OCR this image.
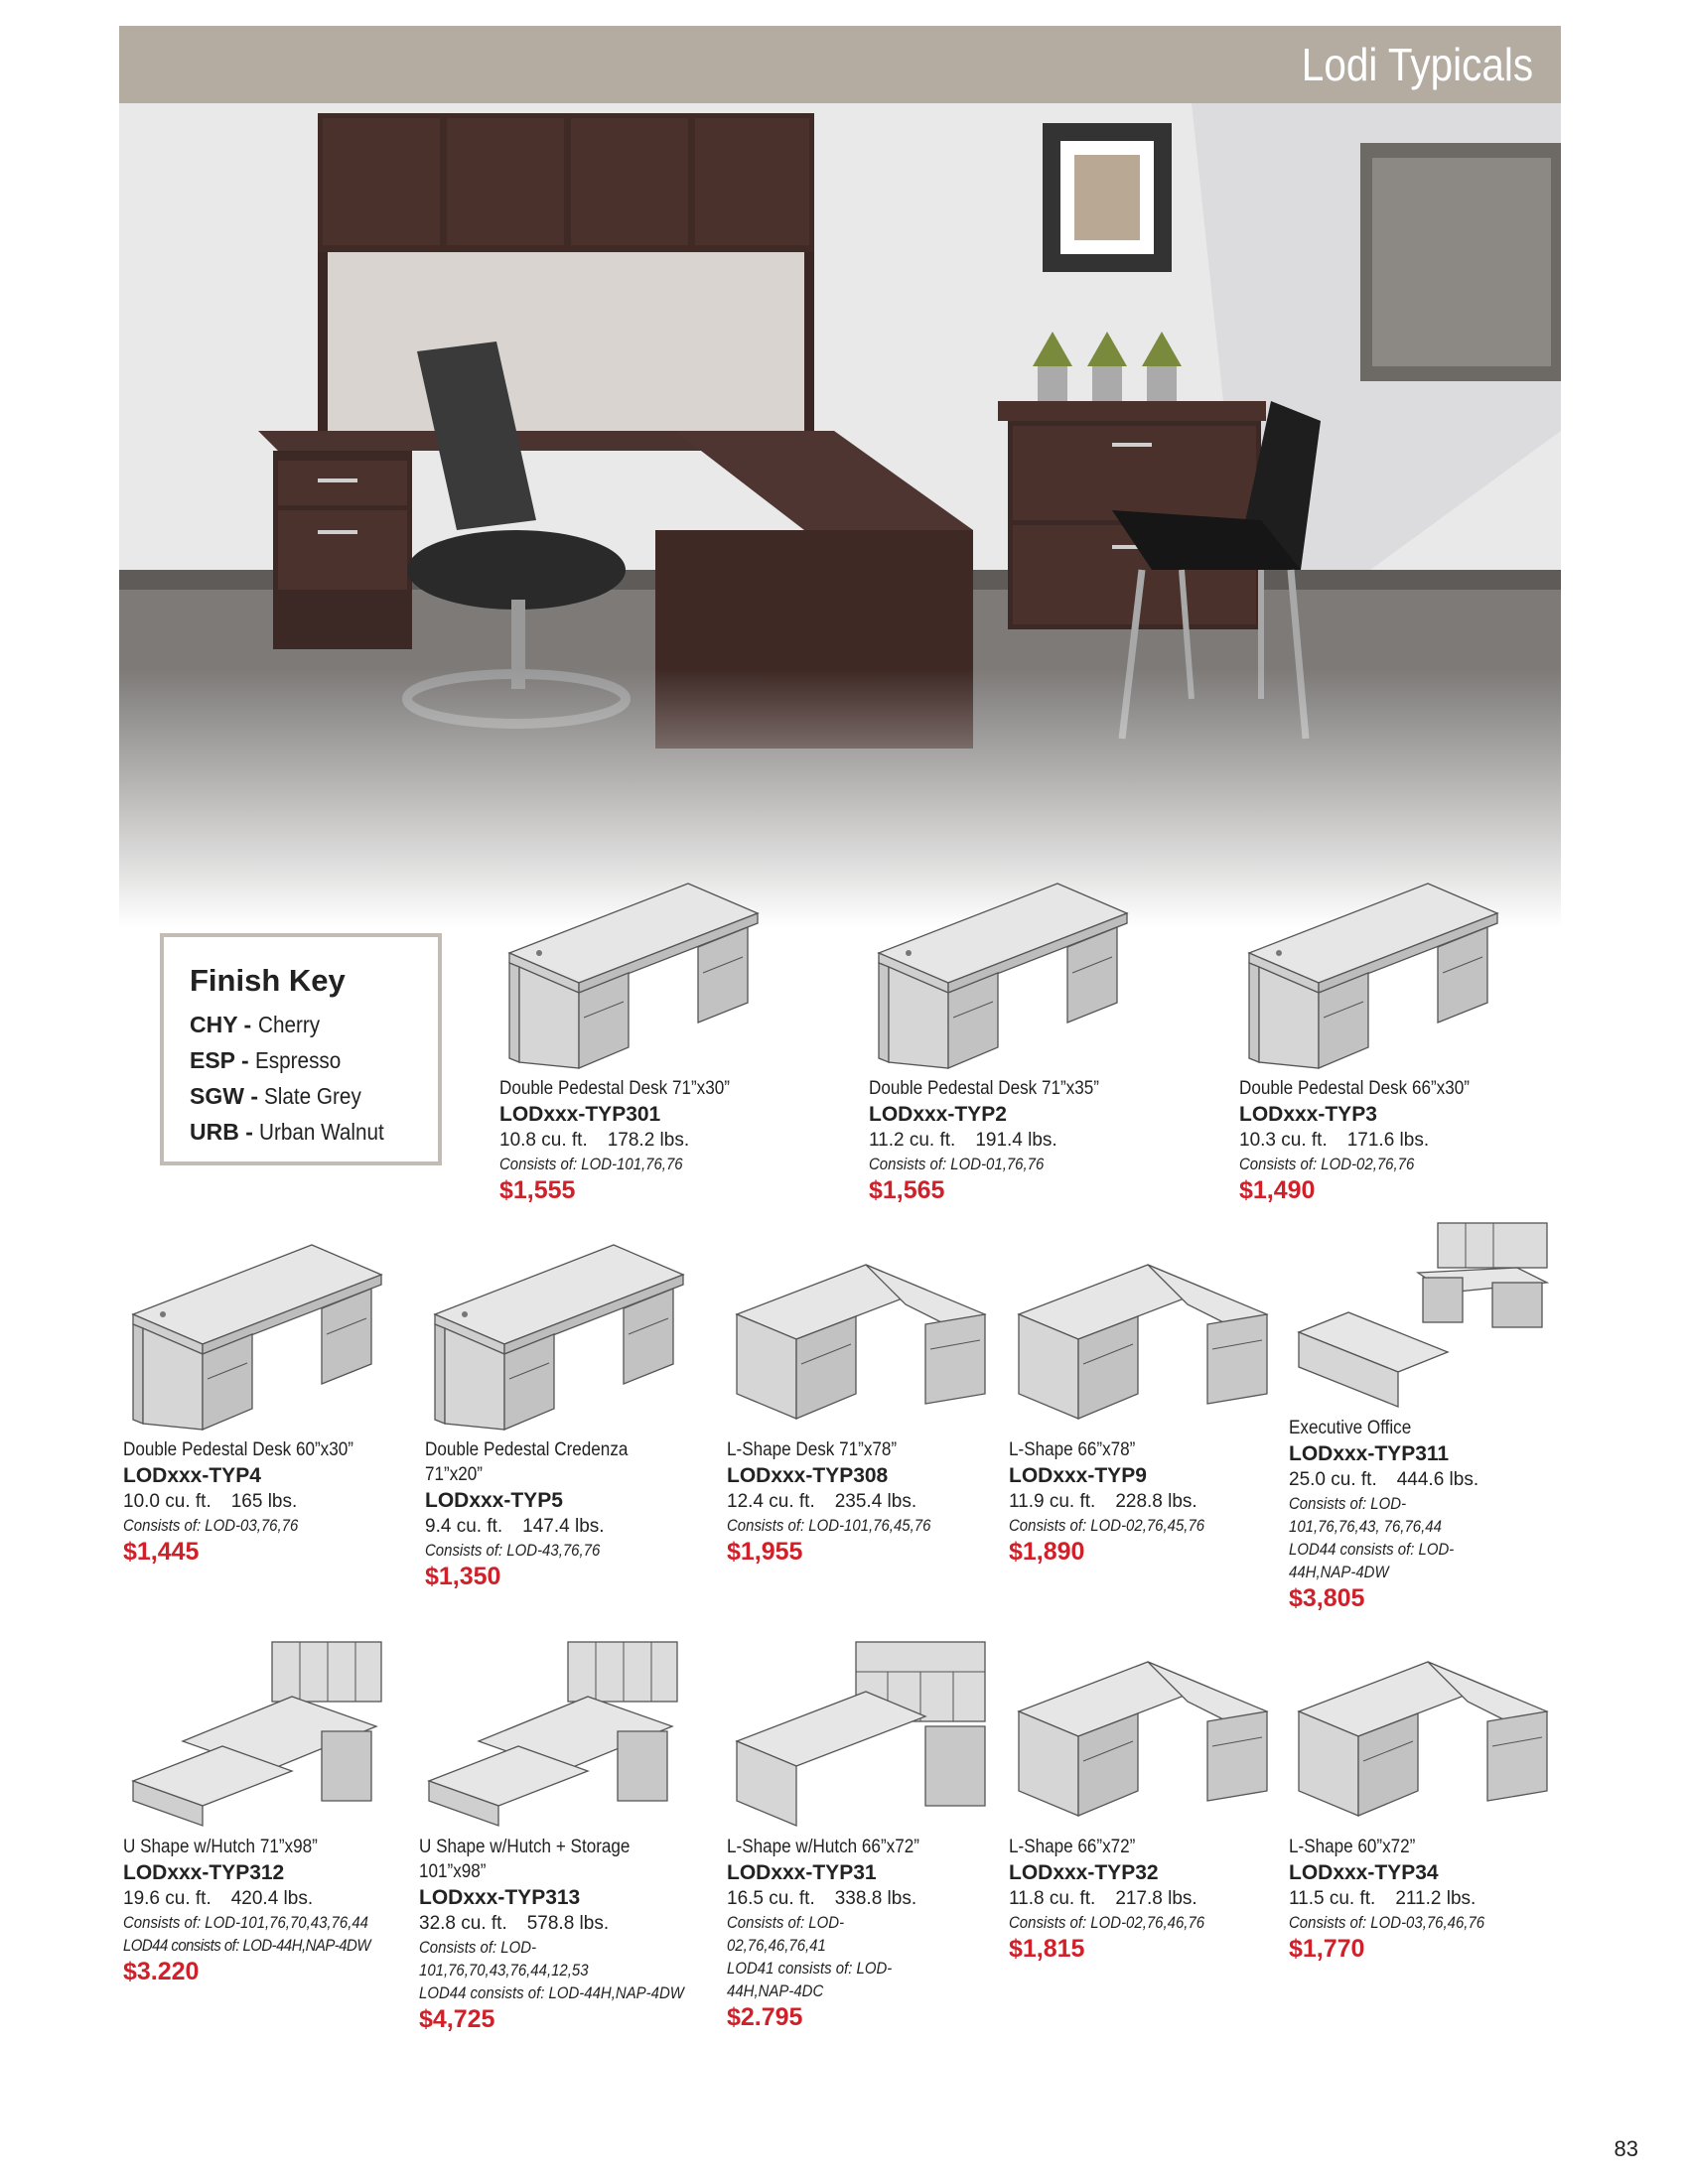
Lodi Typicals
Finish Key
CHY - Cherry
ESP - Espresso
SGW - Slate Grey
URB - Urban Walnut
Double Pedestal Desk 71”x30”
LODxxx-TYP301
10.8 cu. ft. 178.2 lbs.
Consists of: LOD-101,76,76
$1,555
Double Pedestal Desk 71”x35”
LODxxx-TYP2
11.2 cu. ft. 191.4 lbs.
Consists of: LOD-01,76,76
$1,565
Double Pedestal Desk 66”x30”
LODxxx-TYP3
10.3 cu. ft. 171.6 lbs.
Consists of: LOD-02,76,76
$1,490
Double Pedestal Desk 60”x30”
LODxxx-TYP4
10.0 cu. ft. 165 lbs.
Consists of: LOD-03,76,76
$1,445
Double Pedestal Credenza
71”x20”
LODxxx-TYP5
9.4 cu. ft. 147.4 lbs.
Consists of: LOD-43,76,76
$1,350
L-Shape Desk 71”x78”
LODxxx-TYP308
12.4 cu. ft. 235.4 lbs.
Consists of: LOD-101,76,45,76
$1,955
L-Shape 66”x78”
LODxxx-TYP9
11.9 cu. ft. 228.8 lbs.
Consists of: LOD-02,76,45,76
$1,890
Executive Office
LODxxx-TYP311
25.0 cu. ft. 444.6 lbs.
Consists of: LOD-101,76,76,43, 76,76,44
LOD44 consists of: LOD-44H,NAP-4DW
$3,805
U Shape w/Hutch 71”x98”
LODxxx-TYP312
19.6 cu. ft. 420.4 lbs.
Consists of: LOD-101,76,70,43,76,44
LOD44 consists of: LOD-44H,NAP-4DW
$3.220
U Shape w/Hutch + Storage
101”x98”
LODxxx-TYP313
32.8 cu. ft. 578.8 lbs.
Consists of: LOD-101,76,70,43,76,44,12,53
LOD44 consists of: LOD-44H,NAP-4DW
$4,725
L-Shape w/Hutch 66”x72”
LODxxx-TYP31
16.5 cu. ft. 338.8 lbs.
Consists of: LOD-02,76,46,76,41
LOD41 consists of: LOD-44H,NAP-4DC
$2.795
L-Shape 66”x72”
LODxxx-TYP32
11.8 cu. ft. 217.8 lbs.
Consists of: LOD-02,76,46,76
$1,815
L-Shape 60”x72”
LODxxx-TYP34
11.5 cu. ft. 211.2 lbs.
Consists of: LOD-03,76,46,76
$1,770
83
